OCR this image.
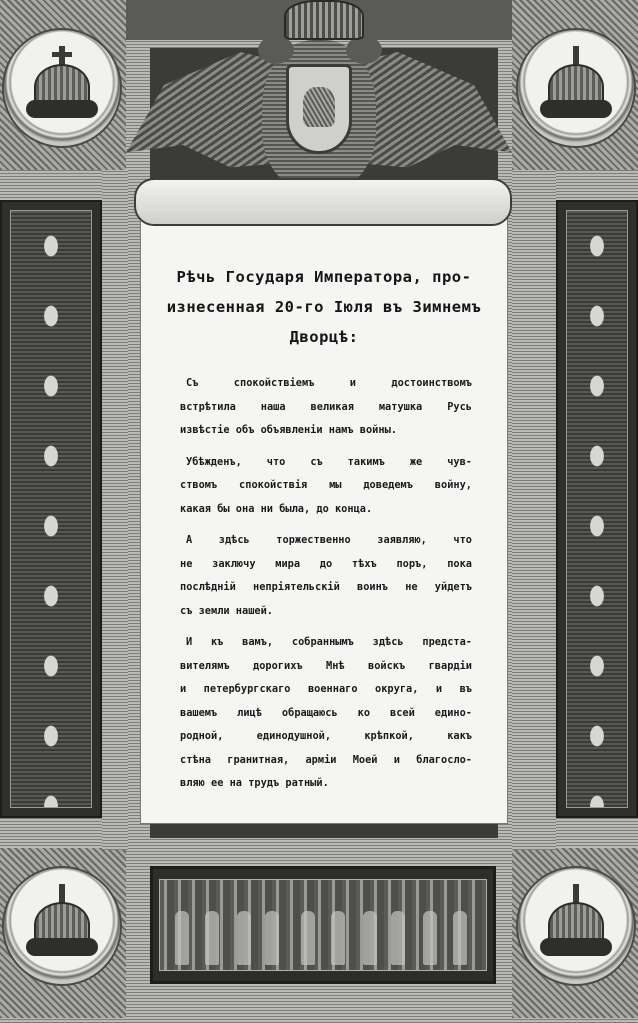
Рѣчь Государя Императора, про-
изнесенная 20-го Іюля въ Зимнемъ
Дворцѣ:

Съ спокойствіемъ и достоинствомъ
встрѣтила наша великая матушка Русь
извѣстіе объ объявленіи намъ войны.

Убѣжденъ, что съ такимъ же чув-
ствомъ спокойствія мы доведемъ войну,
какая бы она ни была, до конца.

А здѣсь торжественно заявляю, что
не заключу мира до тѣхъ поръ, пока
послѣдній непріятельскій воинъ не уйдетъ
съ земли нашей.

И къ вамъ, собраннымъ здѣсь предста-
вителямъ дорогихъ Мнѣ войскъ гвардіи
и петербургскаго военнаго округа, и въ
вашемъ лицѣ обращаюсь ко всей едино-
родной, единодушной, крѣпкой, какъ
стѣна гранитная, арміи Моей и благосло-
вляю ее на трудъ ратный.
